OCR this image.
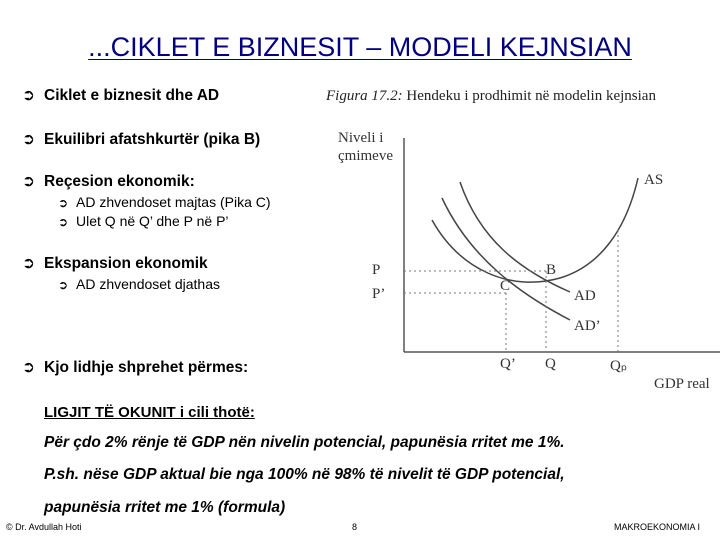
...CIKLET E BIZNESIT – MODELI KEJNSIAN
➲ Ciklet e biznesit dhe AD
➲ Ekuilibri afatshkurtër (pika B)
➲ Reçesion ekonomik:
➲ AD zhvendoset majtas (Pika C)
➲ Ulet Q në Q’ dhe P në P’
➲ Ekspansion ekonomik
➲ AD zhvendoset djathas
➲ Kjo lidhje shprehet përmes:
Figura 17.2: Hendeku i prodhimit në modelin kejnsian
Niveli i
çmimeve
GDP real
AS
AD
AD’
B
C
P
P’
Q’ Q	Qₚ
LIGJIT TË OKUNIT i cili thotë:
Për çdo 2% rënje të GDP nën nivelin potencial, papunësia rritet me 1%.
P.sh. nëse GDP aktual bie nga 100% në 98% të nivelit të GDP potencial,
papunësia rritet me 1% (formula)
© Dr. Avdullah Hoti	8	MAKROEKONOMIA I
